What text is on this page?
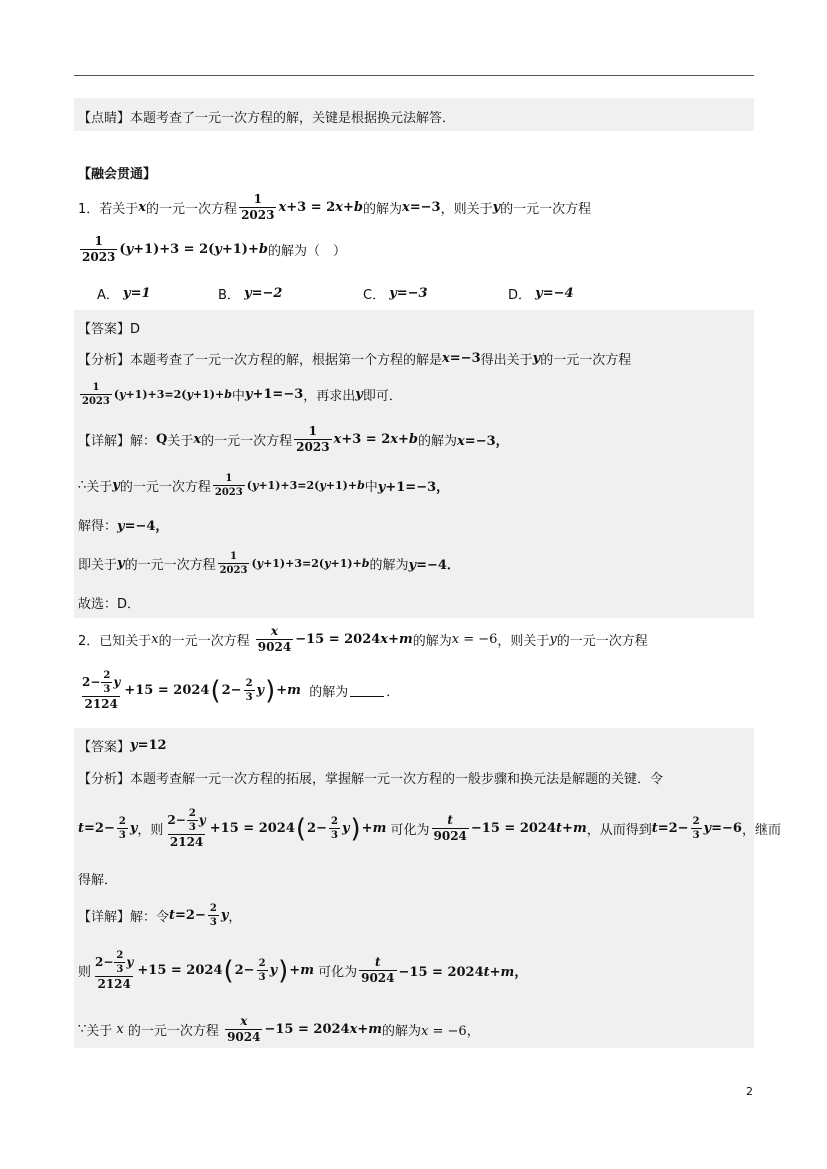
【点睛】本题考查了一元一次方程的解，关键是根据换元法解答．
【融会贯通】
1．若关于 x 的一元一次方程
1
2023 x+3 = 2x+b 的解为 x=−3 ，则关于 y 的一元一次方程
1
2023 (y+1)+3 = 2(y+1)+b 的解为（　）
A．
y=1	B．
y=−2	C．
y=−3	D．
y=−4
【答案】D
【分析】本题考查了一元一次方程的解，根据第一个方程的解是 x=−3 得出关于 y 的一元一次方程
1
2023
(y+1)+3=2(y+1)+b 中 y+1=−3 ，再求出 y 即可．
【详解】解： Q 关于 x 的一元一次方程
1
2023 x+3 = 2x+b 的解为 x=−3，
∴ 关于 y 的一元一次方程
1
2023
(y+1)+3=2(y+1)+b 中 y+1=−3，
解得： y=−4，
即关于 y 的一元一次方程
1
2023
(y+1)+3=2(y+1)+b 的解为 y=−4．
故选：D．
2．已知关于 x 的一元一次方程

x
9024 −15 = 2024x+m 的解为 x = −6 ，则关于 y 的一元一次方程
2− 2
3
y
2124
+15 = 2024 ( $2- \frac{2}{3}$ y ) +m
的解为	．
【答案】 y=12
【分析】本题考查解一元一次方程的拓展，掌握解一元一次方程的一般步骤和换元法是解题的关键．令
$t=2- \frac{2}{3}$ y ，则
2− 2
3
y
2124
+15 = 2024 ( $2- \frac{2}{3}$ y ) +m
可化为
t
9024 −15 = 2024t+m ，从而得到 $t=2- \frac{2}{3} y=-6$ ，继而
得解．
【详解】解：令 $t=2- \frac{2}{3}$ y ，
则
2− 2
3
y
2124
+15 = 2024 ( $2- \frac{2}{3}$ y ) +m
可化为
t
9024 −15 = 2024t+m，
∵ 关于 x 的一元一次方程

x
9024 −15 = 2024x+m 的解为 x = −6，
2
